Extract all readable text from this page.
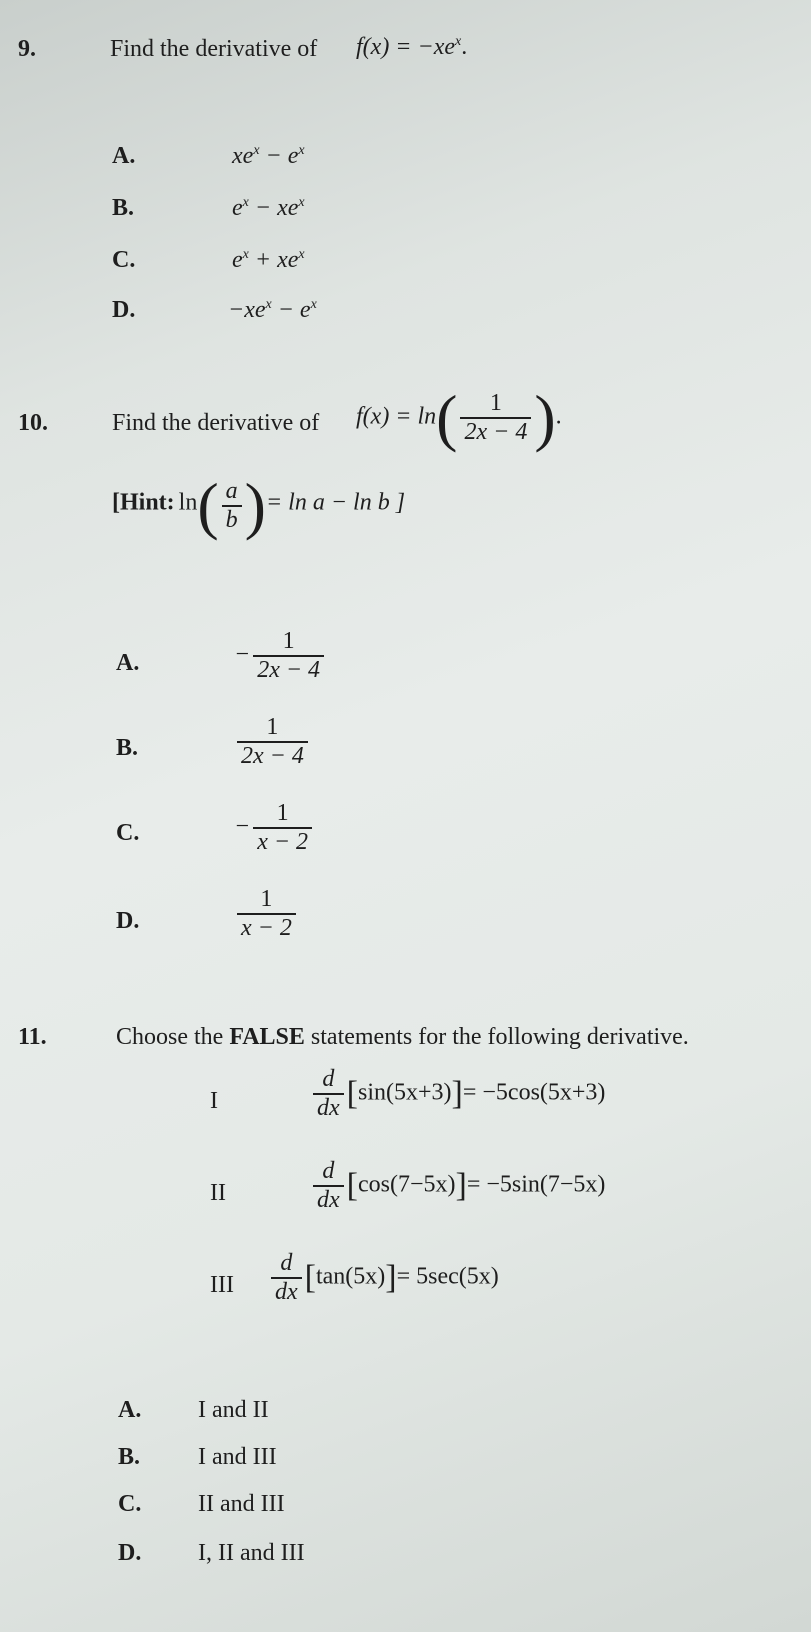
9.	Find the derivative of $f(x) = -xe^x$.
A.	$xe^x - e^x$
B.	$e^x - xe^x$
C.	$e^x + xe^x$
D.	$-xe^x - e^x$
10.	Find the derivative of $f(x) = \ln( \frac{1}{2x - 4}$ ).
[Hint: $\ln( \frac{a}{b}$ )= ln a − ln b ]
A.	− $\frac{1}{2x - 4}$
B.	$\frac{1}{2x - 4}$
C.	− $\frac{1}{x - 2}$
D.	$\frac{1}{x - 2}$
11.	Choose the FALSE statements for the following derivative.
I	$\frac{d}{dx} [\sin(5x+3)]= -5\cos(5x+3)$
II	$\frac{d}{dx} [\cos(7-5x)]= -5\sin(7-5x)$
III $\frac{d}{dx} [\tan(5x)]= 5\sec(5x)$
A. I and II
B. I and III
C. II and III
D. I, II and III
